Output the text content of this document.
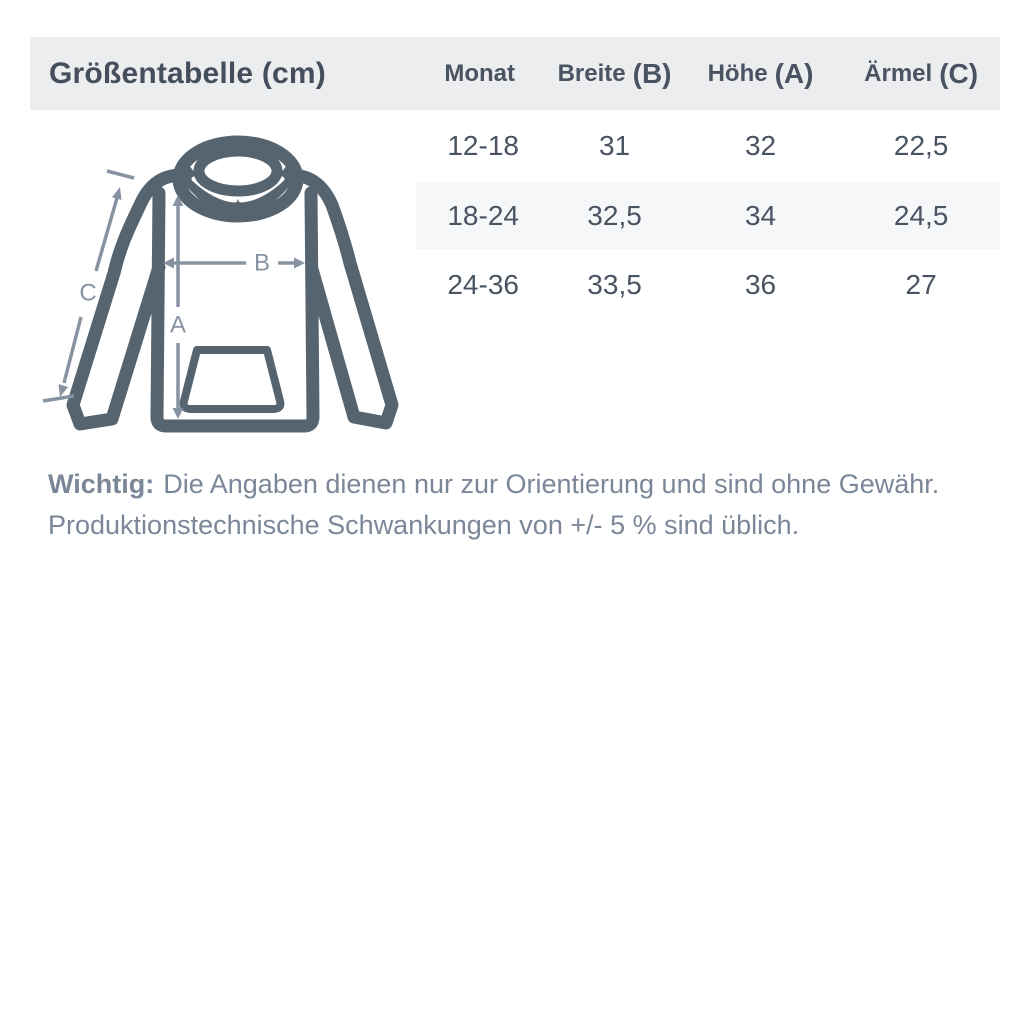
Größentabelle (cm)	Monat Breite (B) Höhe (A) Ärmel (C)
12-18	31	32	22,5
18-24	32,5	34	24,5
24-36	33,5	36	27
A
B
C
Wichtig: Die Angaben dienen nur zur Orientierung und sind ohne Gewähr.
Produktionstechnische Schwankungen von +/- 5 % sind üblich.
